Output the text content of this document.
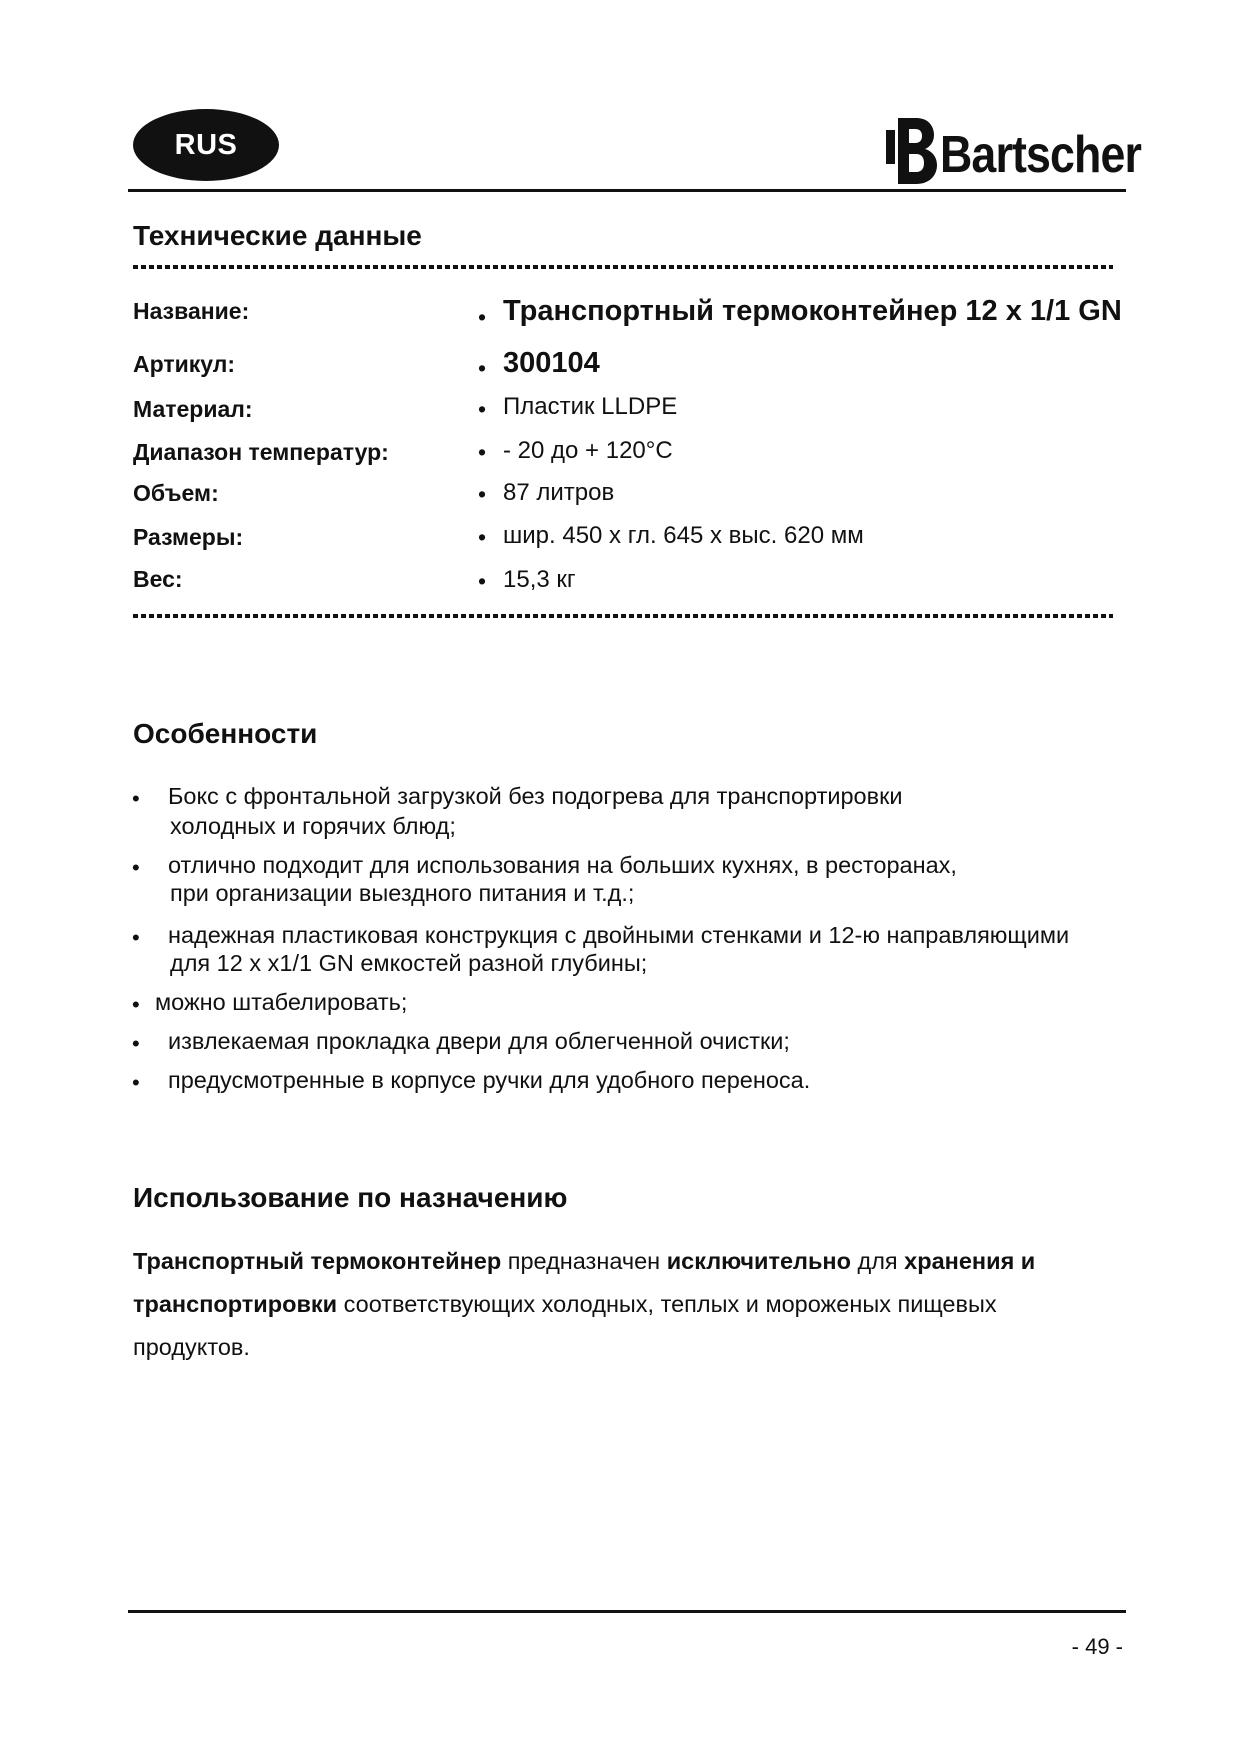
RUS	Bartscher
Технические данные
Название:	• Транспортный термоконтейнер 12 x 1/1 GN
Артикул:	• 300104
Материал:	• Пластик LLDPE
Диапазон температур:	• - 20 до + 120°С
Объем:	• 87 литров
Размеры:	• шир. 450 x гл. 645 x выс. 620 мм
Вес:	• 15,3 кг
Особенности
• Бокс с фронтальной загрузкой без подогрева для транспортировки
холодных и горячих блюд;
• отлично подходит для использования на больших кухнях, в ресторанах,
при организации выездного питания и т.д.;
• надежная пластиковая конструкция с двойными стенками и 12-ю направляющими
для 12 x x1/1 GN емкостей разной глубины;
• можно штабелировать;
• извлекаемая прокладка двери для облегченной очистки;
• предусмотренные в корпусе ручки для удобного переноса.
Использование по назначению
Транспортный термоконтейнер предназначен исключительно для хранения и
транспортировки соответствующих холодных, теплых и мороженых пищевых
продуктов.
- 49 -
